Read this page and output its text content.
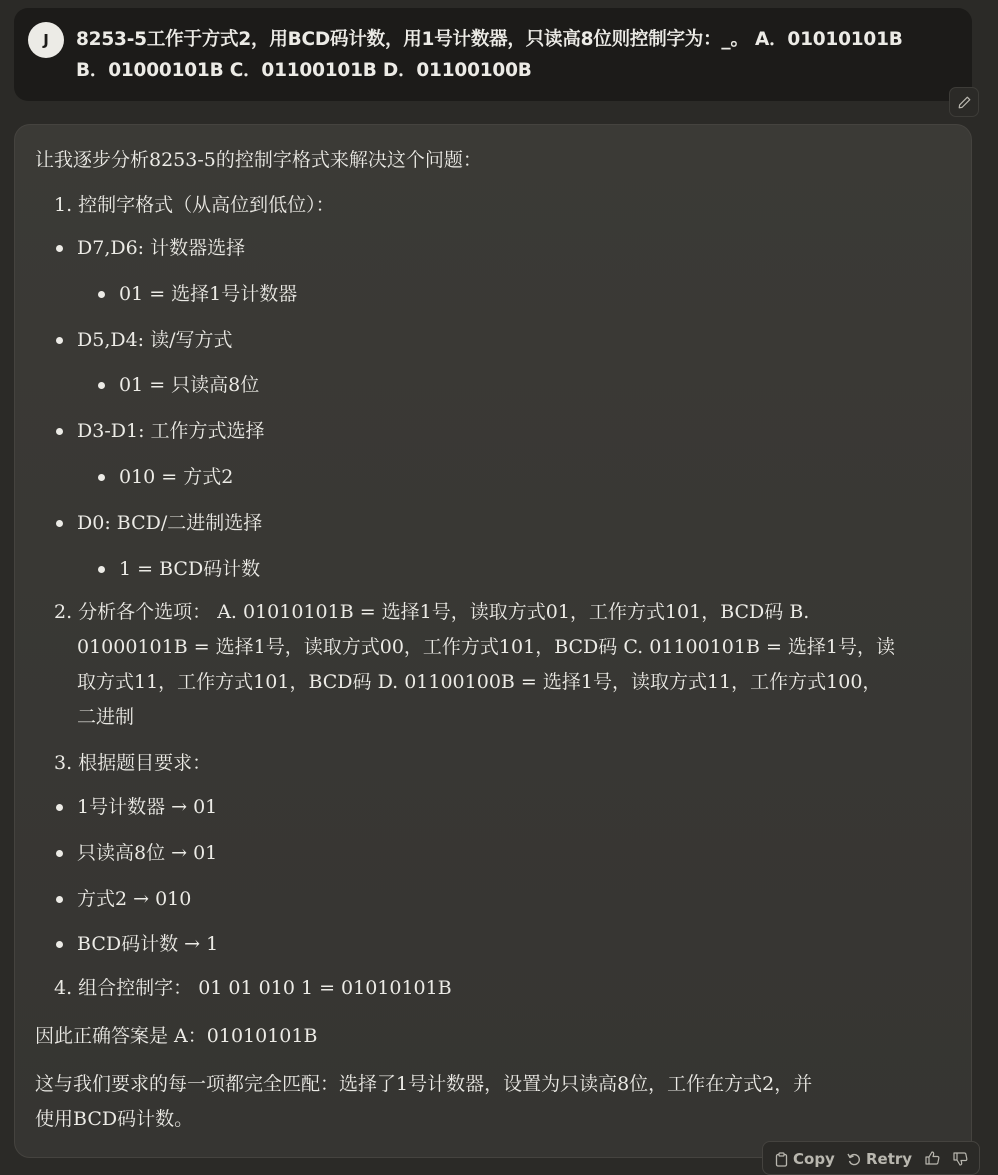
J	8253-5工作于方式2，用BCD码计数，用1号计数器，只读高8位则控制字为：_。 A．01010101B
B．01000101B C．01100101B D．01100100B
让我逐步分析8253-5的控制字格式来解决这个问题：
1. 控制字格式（从高位到低位）：
D7,D6: 计数器选择
01 = 选择1号计数器
D5,D4: 读/写方式
01 = 只读高8位
D3-D1: 工作方式选择
010 = 方式2
D0: BCD/二进制选择
1 = BCD码计数
2. 分析各个选项： A. 01010101B = 选择1号，读取方式01，工作方式101，BCD码 B.
01000101B = 选择1号，读取方式00，工作方式101，BCD码 C. 01100101B = 选择1号，读
取方式11，工作方式101，BCD码 D. 01100100B = 选择1号，读取方式11，工作方式100，
二进制
3. 根据题目要求：
1号计数器 → 01
只读高8位 → 01
方式2 → 010
BCD码计数 → 1
4. 组合控制字： 01 01 010 1 = 01010101B
因此正确答案是 A：01010101B
这与我们要求的每一项都完全匹配：选择了1号计数器，设置为只读高8位，工作在方式2，并
使用BCD码计数。
Copy Retry
